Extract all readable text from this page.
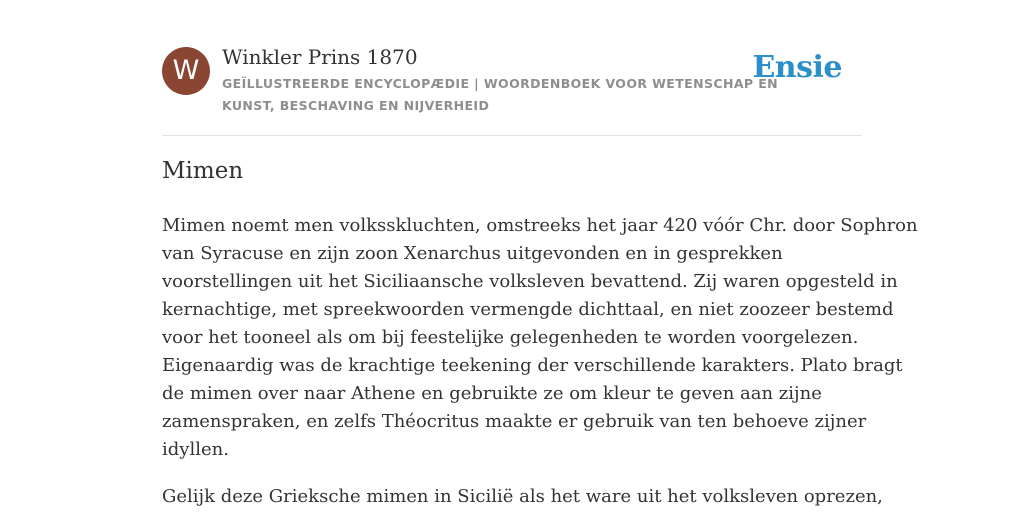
W	Winkler Prins 1870
GEÏLLUSTREERDE ENCYCLOPÆDIE | WOORDENBOEK VOOR WETENSCHAP EN
KUNST, BESCHAVING EN NIJVERHEID
Ensie
Mimen

Mimen noemt men volksskluchten, omstreeks het jaar 420 vóór Chr. door Sophron
van Syracuse en zijn zoon Xenarchus uitgevonden en in gesprekken
voorstellingen uit het Siciliaansche volksleven bevattend. Zij waren opgesteld in
kernachtige, met spreekwoorden vermengde dichttaal, en niet zoozeer bestemd
voor het tooneel als om bij feestelijke gelegenheden te worden voorgelezen.
Eigenaardig was de krachtige teekening der verschillende karakters. Plato bragt
de mimen over naar Athene en gebruikte ze om kleur te geven aan zijne
zamenspraken, en zelfs Théocritus maakte er gebruik van ten behoeve zijner
idyllen.

Gelijk deze Grieksche mimen in Sicilië als het ware uit het volksleven oprezen,
